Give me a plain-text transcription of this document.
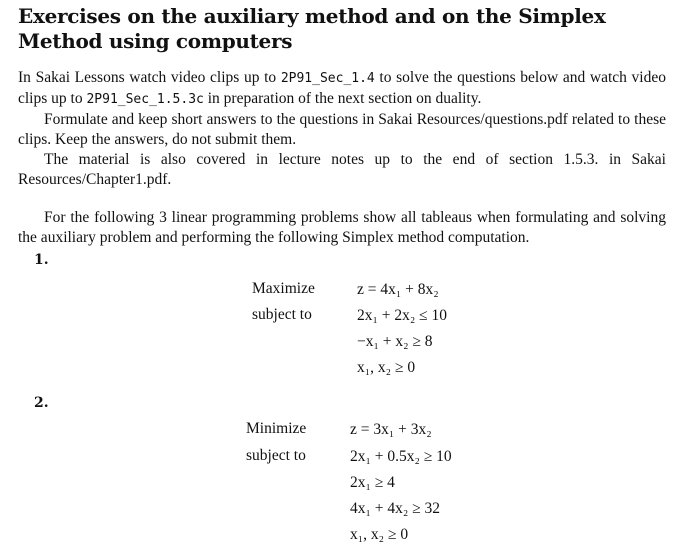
Exercises on the auxiliary method and on the Simplex Method using computers
In Sakai Lessons watch video clips up to 2P91_Sec_1.4 to solve the questions below and watch video clips up to 2P91_Sec_1.5.3c in preparation of the next section on duality.
Formulate and keep short answers to the questions in Sakai Resources/questions.pdf related to these clips. Keep the answers, do not submit them.
The material is also covered in lecture notes up to the end of section 1.5.3. in Sakai Resources/Chapter1.pdf.
For the following 3 linear programming problems show all tableaus when formulating and solving the auxiliary problem and performing the following Simplex method computation.
1.
Maximize
subject to
z = 4x₁ + 8x₂
2x₁ + 2x₂ ≤ 10
−x₁ + x₂ ≥ 8
x₁, x₂ ≥ 0
2.
Minimize
subject to
z = 3x₁ + 3x₂
2x₁ + 0.5x₂ ≥ 10
2x₁ ≥ 4
4x₁ + 4x₂ ≥ 32
x₁, x₂ ≥ 0
